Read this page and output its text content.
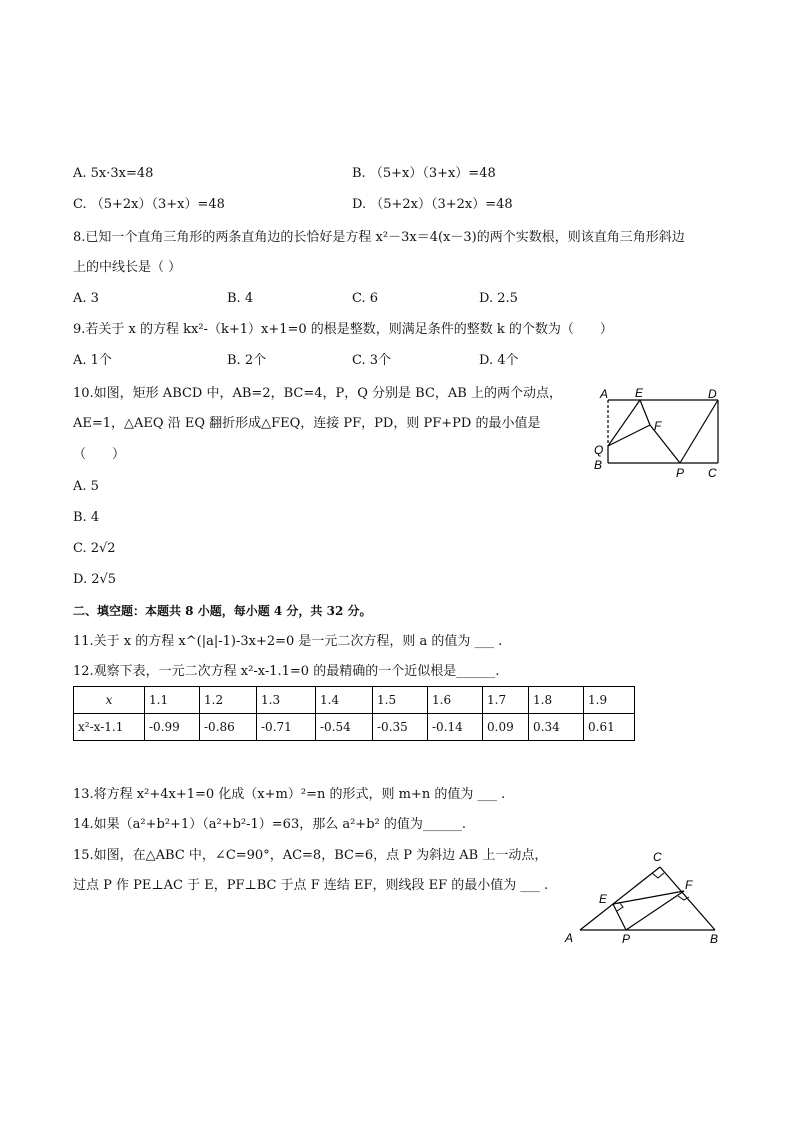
A. 5x·3x=48	B. （5+x）（3+x）=48
C. （5+2x）（3+x）=48	D. （5+2x）（3+2x）=48
8.已知一个直角三角形的两条直角边的长恰好是方程 x²－3x＝4(x－3)的两个实数根，则该直角三角形斜边
上的中线长是（ ）
A. 3	B. 4	C. 6	D. 2.5
9.若关于 x 的方程 kx²-（k+1）x+1=0 的根是整数，则满足条件的整数 k 的个数为（　　）
A. 1个	B. 2个	C. 3个	D. 4个
10.如图，矩形 ABCD 中，AB=2，BC=4，P，Q 分别是 BC，AB 上的两个动点，
AE=1，△AEQ 沿 EQ 翻折形成△FEQ，连接 PF，PD，则 PF+PD 的最小值是
（　　）
A. 5
B. 4
C. 2√2
D. 2√5
A E	D
F
Q
B
P C
二、填空题：本题共 8 小题，每小题 4 分，共 32 分。
11.关于 x 的方程 x^(|a|-1)-3x+2=0 是一元二次方程，则 a 的值为 ___ .
12.观察下表，一元二次方程 x²-x-1.1=0 的最精确的一个近似根是______.
x	1.1	1.2	1.3	1.4	1.5	1.6	1.7	1.8	1.9
x²-x-1.1	-0.99	-0.86	-0.71	-0.54	-0.35	-0.14	0.09	0.34	0.61
13.将方程 x²+4x+1=0 化成（x+m）²=n 的形式，则 m+n 的值为 ___ .
14.如果（a²+b²+1）（a²+b²-1）=63，那么 a²+b² 的值为______.
15.如图，在△ABC 中，∠C=90°，AC=8，BC=6，点 P 为斜边 AB 上一动点，
过点 P 作 PE⊥AC 于 E，PF⊥BC 于点 F 连结 EF，则线段 EF 的最小值为 ___ .
C
E
F
A	P	B
